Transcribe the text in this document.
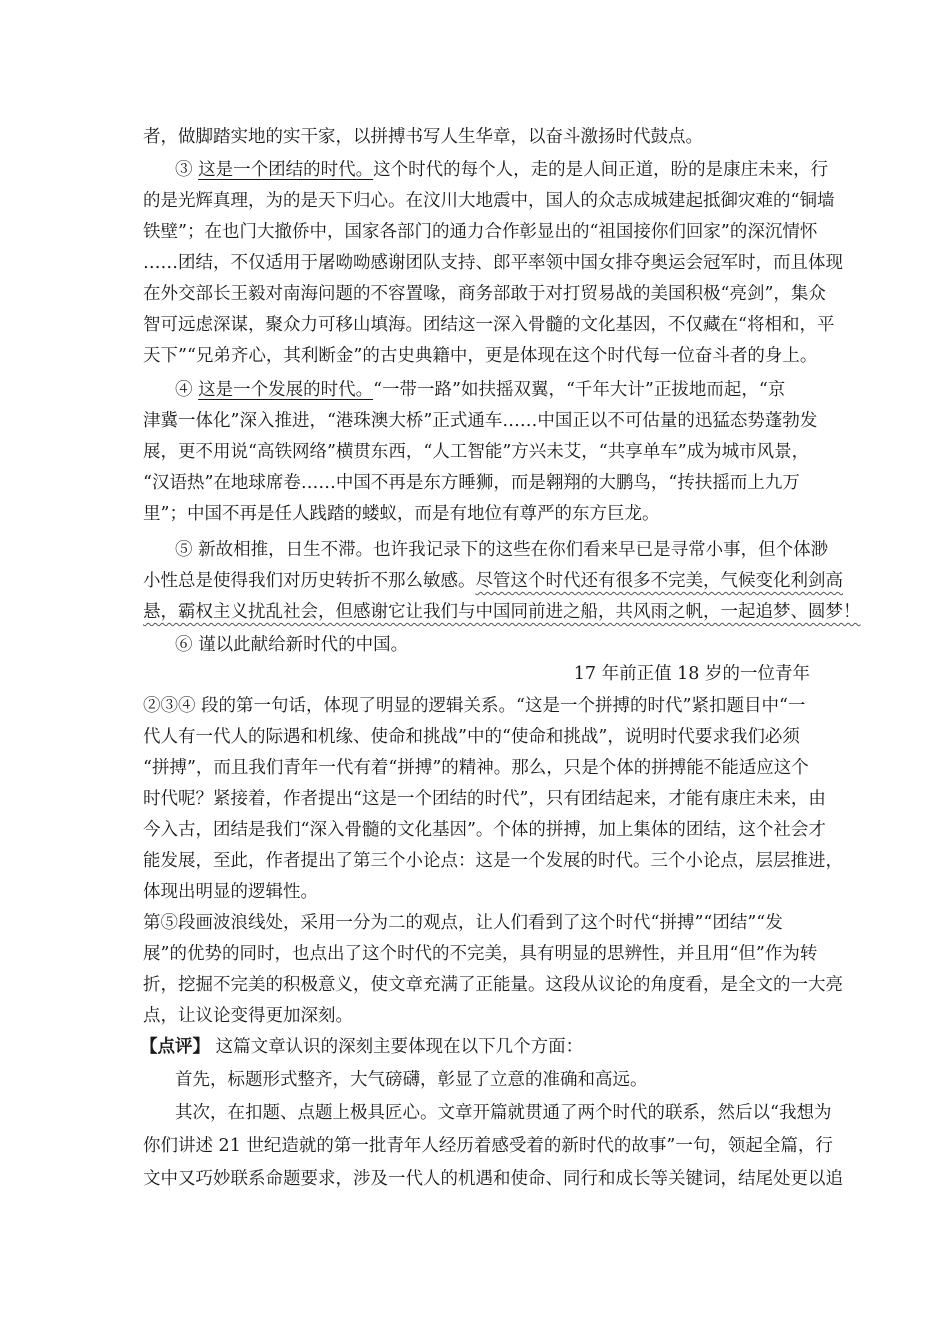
者，做脚踏实地的实干家，以拼搏书写人生华章，以奋斗激扬时代鼓点。
③ 这是一个团结的时代。这个时代的每个人，走的是人间正道，盼的是康庄未来，行
的是光辉真理，为的是天下归心。在汶川大地震中，国人的众志成城建起抵御灾难的“铜墙
铁壁”；在也门大撤侨中，国家各部门的通力合作彰显出的“祖国接你们回家”的深沉情怀
……团结，不仅适用于屠呦呦感谢团队支持、郎平率领中国女排夺奥运会冠军时，而且体现
在外交部长王毅对南海问题的不容置喙，商务部敢于对打贸易战的美国积极“亮剑”，集众
智可远虑深谋，聚众力可移山填海。团结这一深入骨髓的文化基因，不仅藏在“将相和，平
天下”“兄弟齐心，其利断金”的古史典籍中，更是体现在这个时代每一位奋斗者的身上。
④ 这是一个发展的时代。“一带一路”如扶摇双翼，“千年大计”正拔地而起，“京
津冀一体化”深入推进，“港珠澳大桥”正式通车……中国正以不可估量的迅猛态势蓬勃发
展，更不用说“高铁网络”横贯东西，“人工智能”方兴未艾，“共享单车”成为城市风景，
“汉语热”在地球席卷……中国不再是东方睡狮，而是翱翔的大鹏鸟，“抟扶摇而上九万
里”；中国不再是任人践踏的蝼蚁，而是有地位有尊严的东方巨龙。
⑤ 新故相推，日生不滞。也许我记录下的这些在你们看来早已是寻常小事，但个体渺
小性总是使得我们对历史转折不那么敏感。尽管这个时代还有很多不完美，气候变化利剑高
悬，霸权主义扰乱社会，但感谢它让我们与中国同前进之船，共风雨之帆，一起追梦、圆梦！
⑥ 谨以此献给新时代的中国。
17 年前正值 18 岁的一位青年
②③④ 段的第一句话，体现了明显的逻辑关系。“这是一个拼搏的时代”紧扣题目中“一
代人有一代人的际遇和机缘、使命和挑战”中的“使命和挑战”，说明时代要求我们必须
“拼搏”，而且我们青年一代有着“拼搏”的精神。那么，只是个体的拼搏能不能适应这个
时代呢？紧接着，作者提出“这是一个团结的时代”，只有团结起来，才能有康庄未来，由
今入古，团结是我们“深入骨髓的文化基因”。个体的拼搏，加上集体的团结，这个社会才
能发展，至此，作者提出了第三个小论点：这是一个发展的时代。三个小论点，层层推进，
体现出明显的逻辑性。
第⑤段画波浪线处，采用一分为二的观点，让人们看到了这个时代“拼搏”“团结”“发
展”的优势的同时，也点出了这个时代的不完美，具有明显的思辨性，并且用“但”作为转
折，挖掘不完美的积极意义，使文章充满了正能量。这段从议论的角度看，是全文的一大亮
点，让议论变得更加深刻。
【点评】 这篇文章认识的深刻主要体现在以下几个方面：
首先，标题形式整齐，大气磅礴，彰显了立意的准确和高远。
其次，在扣题、点题上极具匠心。文章开篇就贯通了两个时代的联系，然后以“我想为
你们讲述 21 世纪造就的第一批青年人经历着感受着的新时代的故事”一句，领起全篇，行
文中又巧妙联系命题要求，涉及一代人的机遇和使命、同行和成长等关键词，结尾处更以追
